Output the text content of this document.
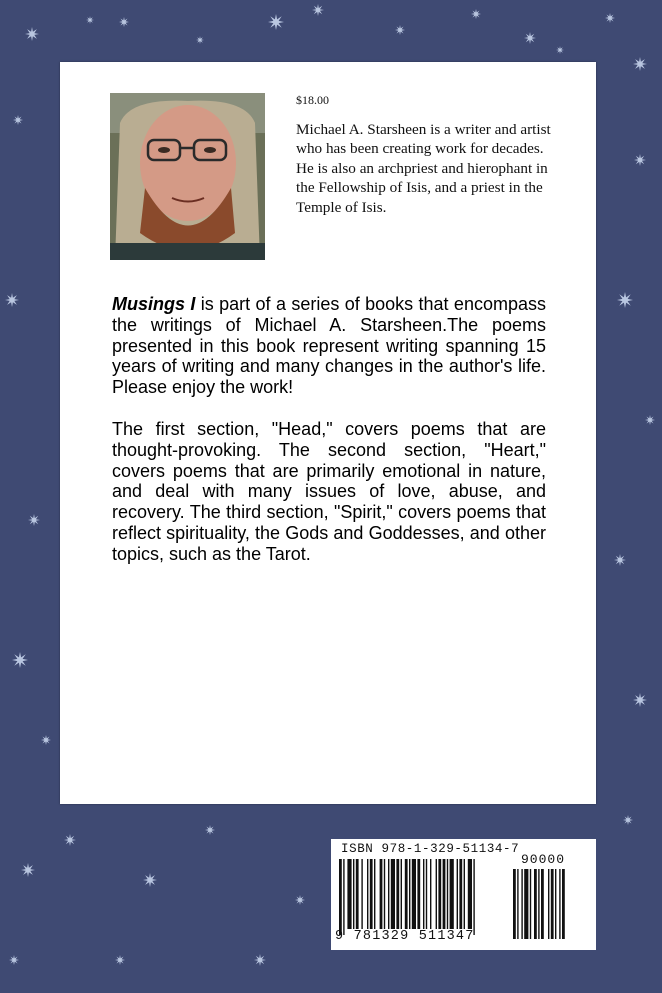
$18.00
Michael A. Starsheen is a writer and artist who has been creating work for decades. He is also an archpriest and hierophant in the Fellowship of Isis, and a priest in the Temple of Isis.
Musings I is part of a series of books that encompass the writings of Michael A. Starsheen.The poems presented in this book represent writing spanning 15 years of writing and many changes in the author's life. Please enjoy the work!
The first section, "Head," covers poems that are thought-provoking. The second section, "Heart," covers poems that are primarily emotional in nature, and deal with many issues of love, abuse, and recovery. The third section, "Spirit," covers poems that reflect spirituality, the Gods and Goddesses, and other topics, such as the Tarot.
ISBN 978-1-329-51134-7
90000
9 781329 511347
